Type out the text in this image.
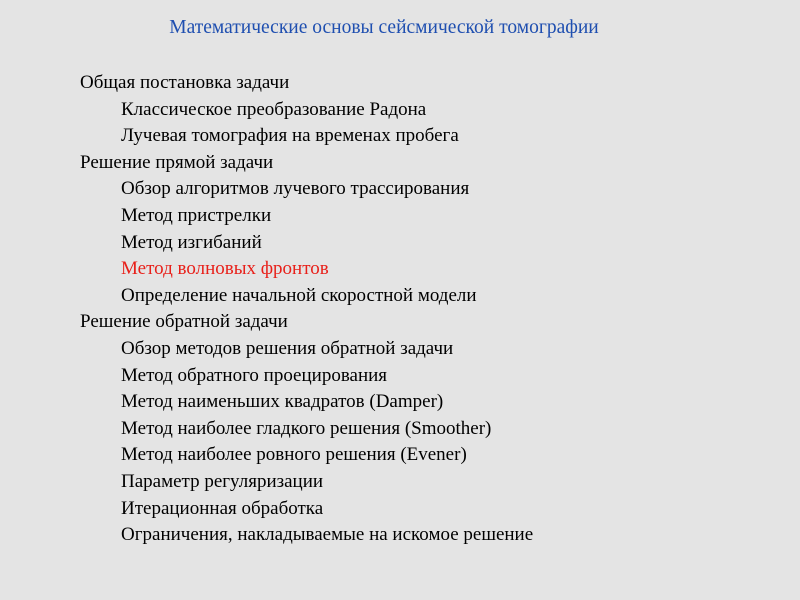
Математические основы сейсмической томографии
Общая постановка задачи
Классическое преобразование Радона
Лучевая томография на временах пробега
Решение прямой задачи
Обзор алгоритмов лучевого трассирования
Метод пристрелки
Метод изгибаний
Метод волновых фронтов
Определение начальной скоростной модели
Решение обратной задачи
Обзор методов решения обратной задачи
Метод обратного проецирования
Метод наименьших квадратов (Damper)
Метод наиболее гладкого решения (Smoother)
Метод наиболее ровного решения (Evener)
Параметр регуляризации
Итерационная обработка
Ограничения, накладываемые на искомое решение
